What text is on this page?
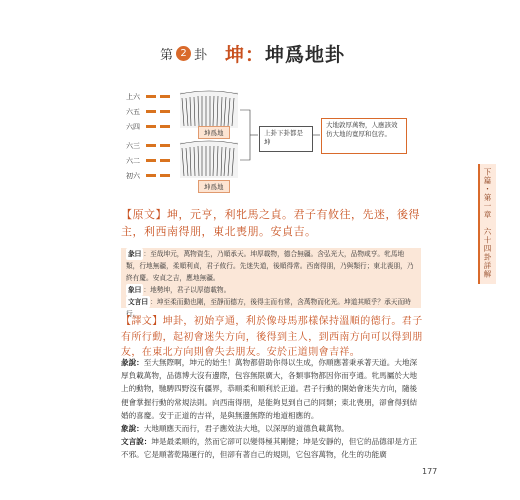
第 2 卦 坤：坤爲地卦
下篇・第一章　六十四卦詳解
上六
六五
六四
六三
六二
初六
坤爲地
坤爲地
上卦下卦都是坤
大地敦厚萬物，人應該效仿大地的寬厚和包容。
【原文】坤，元亨，利牝馬之貞。君子有攸往，先迷，後得主，利西南得朋，東北喪朋。安貞吉。

彖曰 ：至哉坤元，萬物資生，乃順承天。坤厚載物，德合無疆。含弘光大，品物咸亨。牝馬地類，行地無疆，柔順利貞，君子攸行。先迷失道，後順得常。西南得朋，乃與類行；東北喪朋，乃終有慶。安貞之吉，應地無疆。

象曰 ：地勢坤，君子以厚德載物。

文言曰 ：坤至柔而動也剛，至靜而德方，後得主而有常，含萬物而化光。坤道其順乎？承天而時行。

【譯文】坤卦，初始亨通，利於像母馬那樣保持溫順的德行。君子有所行動，起初會迷失方向，後得到主人，到西南方向可以得到朋友，在東北方向則會失去朋友。安於正道則會吉祥。

彖說：至大無際啊，坤元的始生！萬物都借助你得以生成，你順應著秉承著天道。大地深厚負載萬物，品德博大沒有邊際，包容無限廣大，各類事物都因你而亨通。牝馬屬於大地上的動物，馳騁四野沒有疆界，恭順柔和順利於正道。君子行動的開始會迷失方向，隨後便會掌握行動的常規法則。向西南得朋，是能夠見到自己的同類；東北喪朋，卻會得到結婚的喜慶。安于正道的吉祥，是與無邊無際的地道相應的。

象說：大地順應天而行，君子應效法大地，以深厚的道德負載萬物。

文言說：坤是最柔順的，然而它卻可以變得極其剛健；坤是安靜的，但它的品德卻是方正不邪。它是順著乾陽運行的，但卻有著自己的規則，它包容萬物，化生的功能廣

177
